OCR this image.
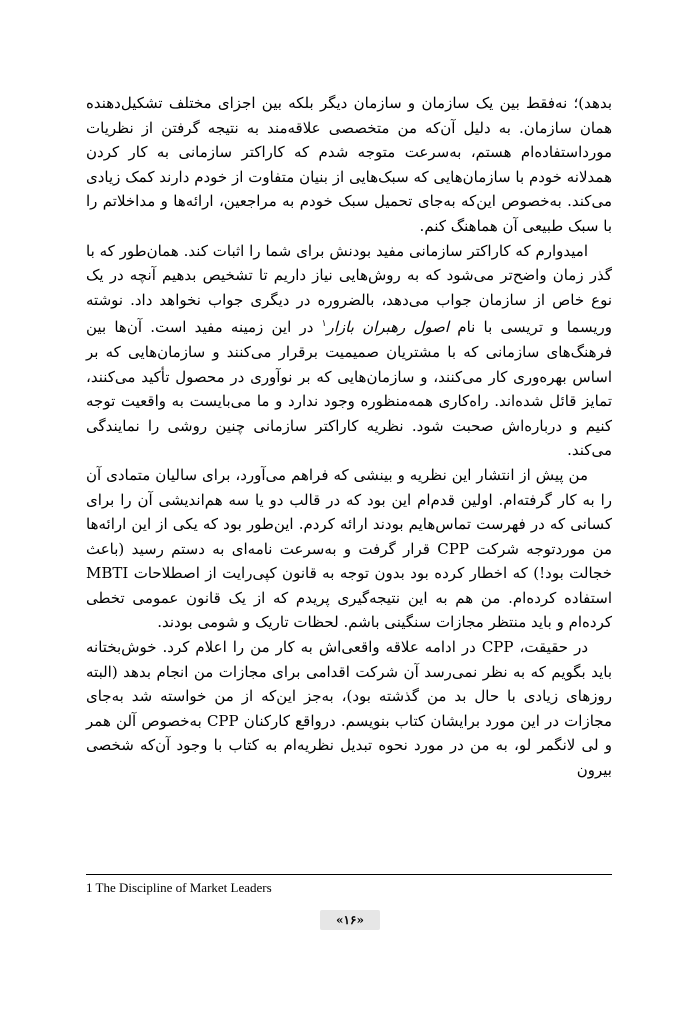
بدهد)؛ نه‌فقط بین یک سازمان و سازمان دیگر بلکه بین اجزای مختلف تشکیل‌دهنده همان سازمان. به دلیل آن‌که من متخصصی علاقه‌مند به نتیجه گرفتن از نظریات مورداستفاده‌ام هستم، به‌سرعت متوجه شدم که کاراکتر سازمانی به کار کردن همدلانه خودم با سازمان‌هایی که سبک‌هایی از بنیان متفاوت از خودم دارند کمک زیادی می‌کند. به‌خصوص این‌که به‌جای تحمیل سبک خودم به مراجعین، ارائه‌ها و مداخلاتم را با سبک طبیعی آن هماهنگ کنم.

امیدوارم که کاراکتر سازمانی مفید بودنش برای شما را اثبات کند. همان‌طور که با گذر زمان واضح‌تر می‌شود که به روش‌هایی نیاز داریم تا تشخیص بدهیم آنچه در یک نوع خاص از سازمان جواب می‌دهد، بالضروره در دیگری جواب نخواهد داد. نوشته وریسما و تریسی با نام اصول رهبران بازار$^۱$ در این زمینه مفید است. آن‌ها بین فرهنگ‌های سازمانی که با مشتریان صمیمیت برقرار می‌کنند و سازمان‌هایی که بر اساس بهره‌وری کار می‌کنند، و سازمان‌هایی که بر نوآوری در محصول تأکید می‌کنند، تمایز قائل شده‌اند. راه‌کاری همه‌منظوره وجود ندارد و ما می‌بایست به واقعیت توجه کنیم و درباره‌اش صحبت شود. نظریه کاراکتر سازمانی چنین روشی را نمایندگی می‌کند.

من پیش از انتشار این نظریه و بینشی که فراهم می‌آورد، برای سالیان متمادی آن را به کار گرفته‌ام. اولین قدم‌ام این بود که در قالب دو یا سه هم‌اندیشی آن را برای کسانی که در فهرست تماس‌هایم بودند ارائه کردم. این‌طور بود که یکی از این ارائه‌ها من موردتوجه شرکت CPP قرار گرفت و به‌سرعت نامه‌ای به دستم رسید (باعث خجالت بود!) که اخطار کرده بود بدون توجه به قانون کپی‌رایت از اصطلاحات MBTI استفاده کرده‌ام. من هم به این نتیجه‌گیری پریدم که از یک قانون عمومی تخطی کرده‌ام و باید منتظر مجازات سنگینی باشم. لحظات تاریک و شومی بودند.

در حقیقت، CPP در ادامه علاقه واقعی‌اش به کار من را اعلام کرد. خوش‌بختانه باید بگویم که به نظر نمی‌رسد آن شرکت اقدامی برای مجازات من انجام بدهد (البته روزهای زیادی با حال بد من گذشته بود)، به‌جز این‌که از من خواسته شد به‌جای مجازات در این مورد برایشان کتاب بنویسم. درواقع کارکنان CPP به‌خصوص آلن همر و لی لانگمر لو، به من در مورد نحوه تبدیل نظریه‌ام به کتاب با وجود آن‌که شخصی بیرون

1 The Discipline of Market Leaders
«۱۶»
